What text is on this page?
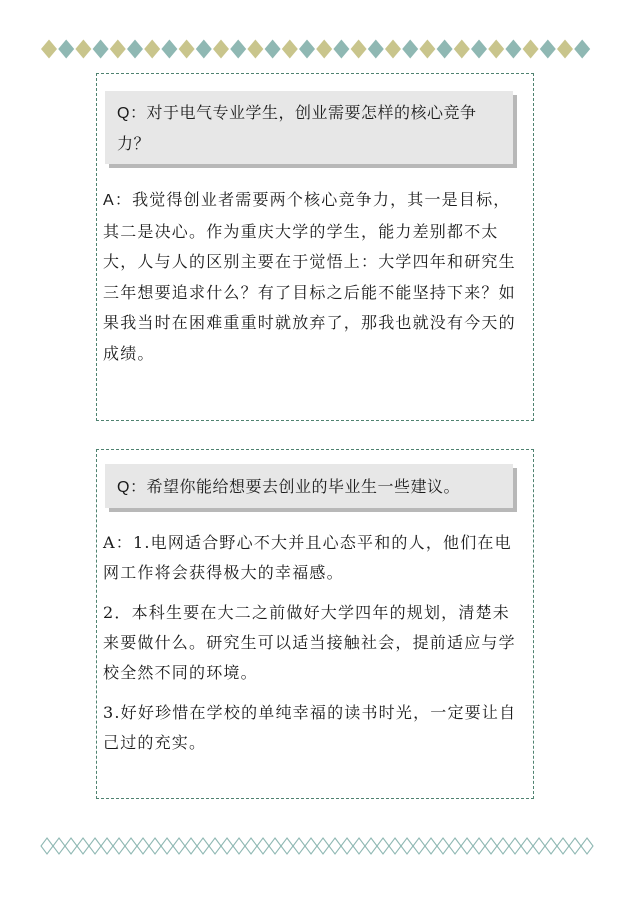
Q：对于电气专业学生，创业需要怎样的核心竞争力？

A：我觉得创业者需要两个核心竞争力，其一是目标，其二是决心。作为重庆大学的学生，能力差别都不太大，人与人的区别主要在于觉悟上：大学四年和研究生三年想要追求什么？有了目标之后能不能坚持下来？如果我当时在困难重重时就放弃了，那我也就没有今天的成绩。

Q：希望你能给想要去创业的毕业生一些建议。

A：1.电网适合野心不大并且心态平和的人，他们在电网工作将会获得极大的幸福感。

2．本科生要在大二之前做好大学四年的规划，清楚未来要做什么。研究生可以适当接触社会，提前适应与学校全然不同的环境。

3.好好珍惜在学校的单纯幸福的读书时光，一定要让自己过的充实。
